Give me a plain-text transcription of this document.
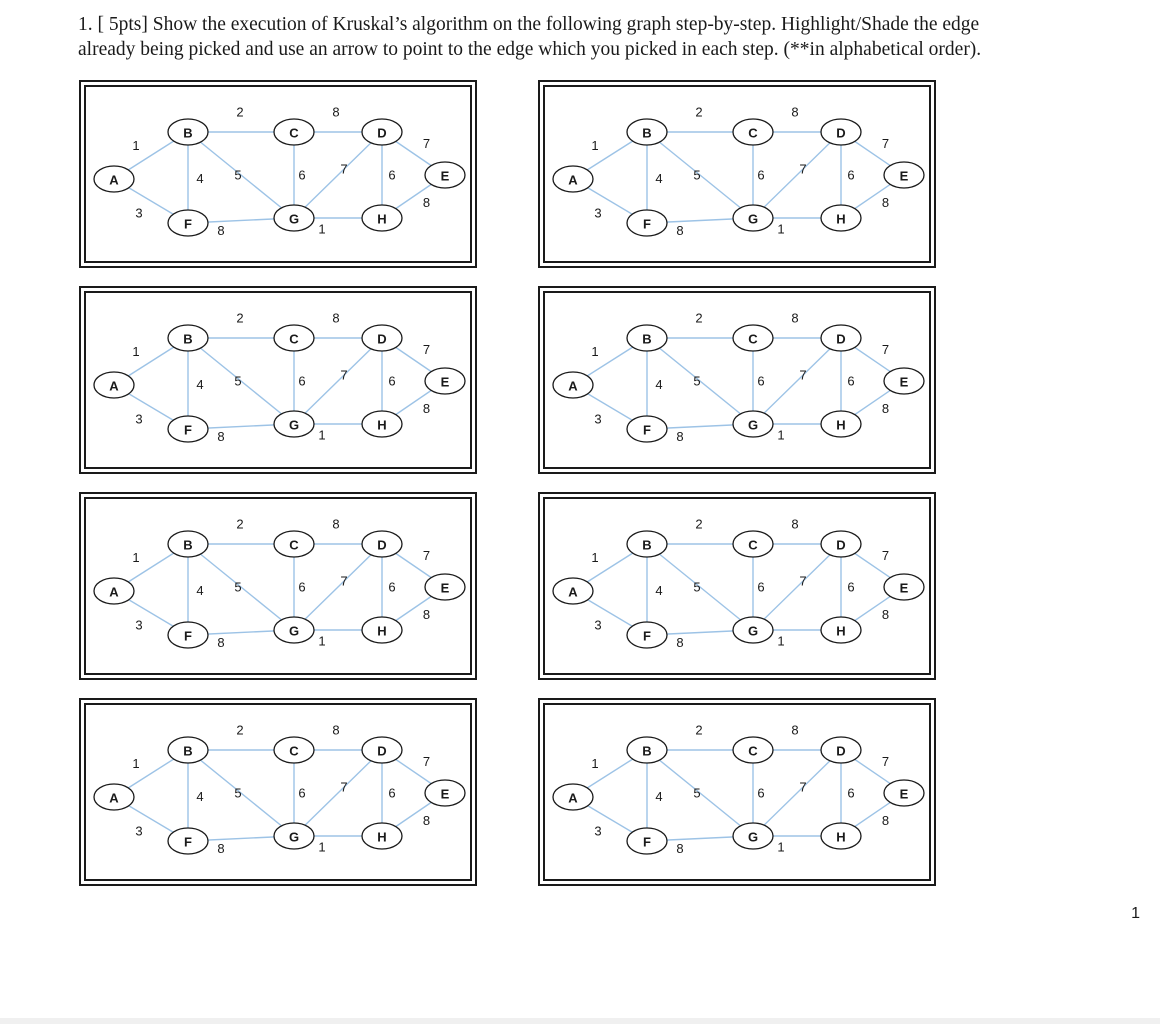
1. [ 5pts] Show the execution of Kruskal’s algorithm on the following graph step-by-step. Highlight/Shade the edge
already being picked and use an arrow to point to the edge which you picked in each step. (**in alphabetical order).
1
3
2
4 5
8
6	7
7
6
8	1
8
A
B	C	D
E
F	G	H
1
3
2
4 5
8
6	7
7
6
8	1
8
A
B	C	D
E
F	G	H
1
3
2
4 5
8
6	7
7
6
8	1
8
A
B	C	D
E
F	G	H
1
3
2
4 5
8
6	7
7
6
8	1
8
A
B	C	D
E
F	G	H
1
3
2
4 5
8
6	7
7
6
8	1
8
A
B	C	D
E
F	G	H
1
3
2
4 5
8
6	7
7
6
8	1
8
A
B	C	D
E
F	G	H
1
3
2
4 5
8
6	7
7
6
8	1
8
A
B	C	D
E
F	G	H
1
3
2
4 5
8
6	7
7
6
8	1
8
A
B	C	D
E
F	G	H
1
